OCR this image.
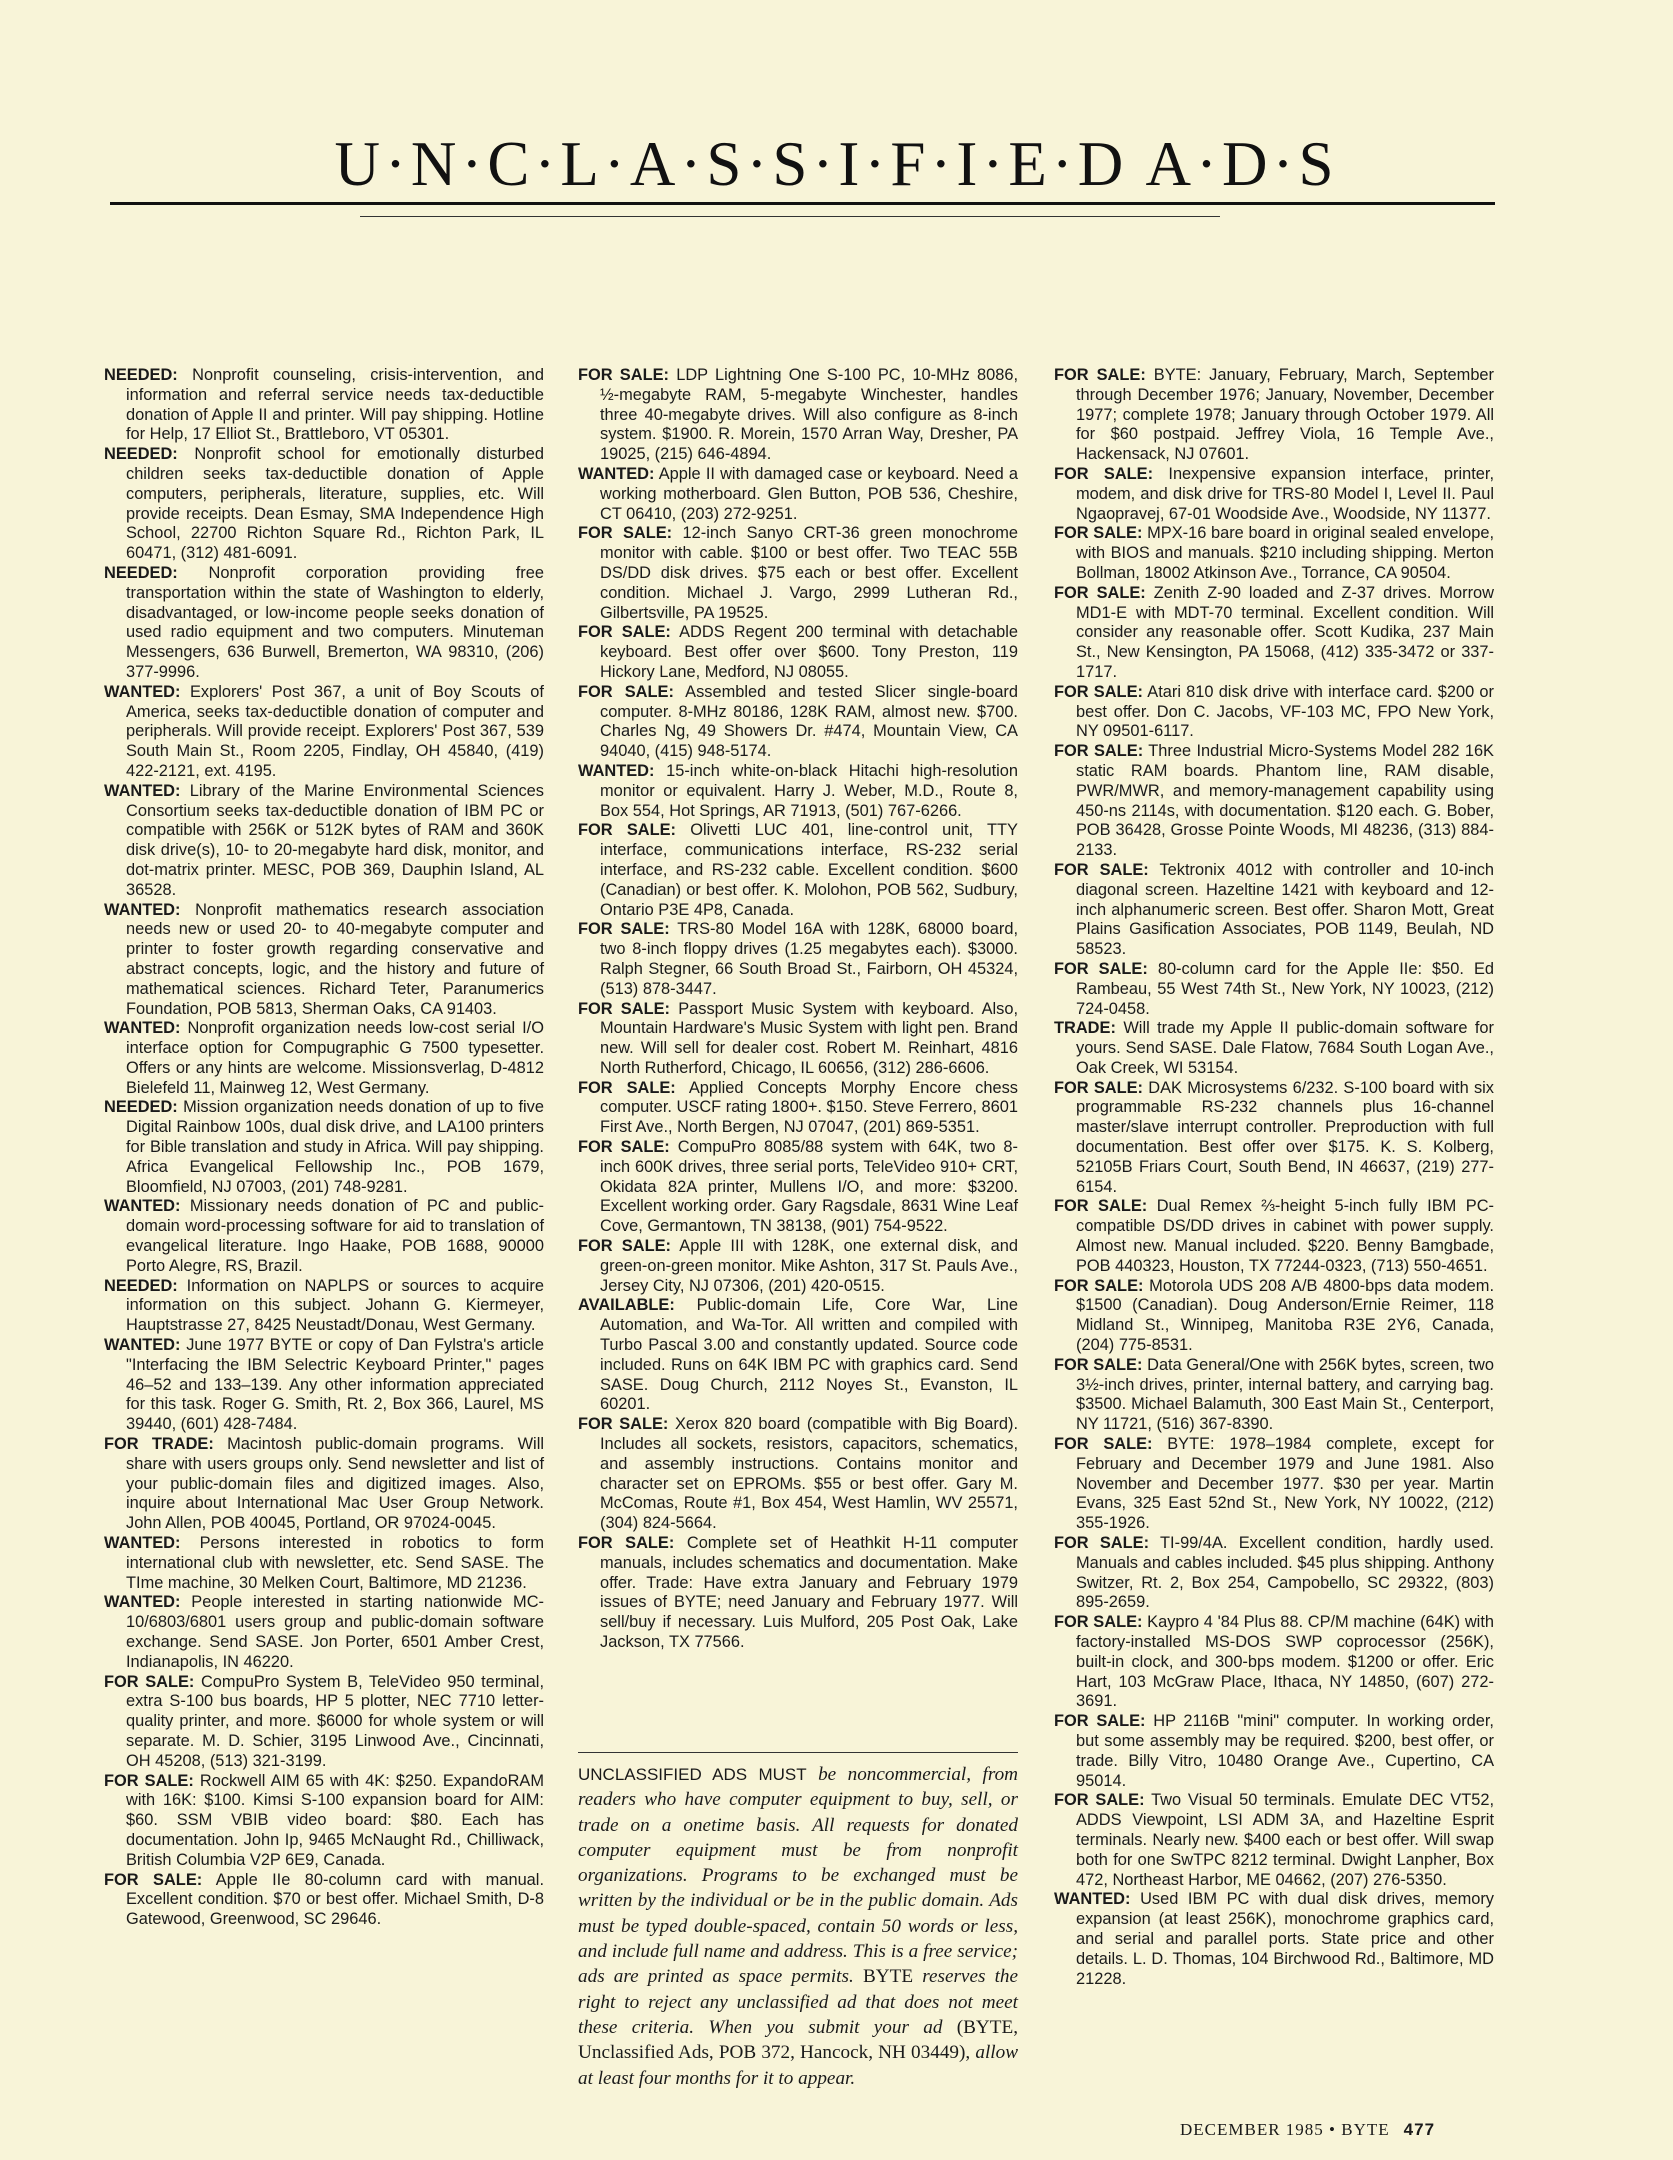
U·N·C·L·A·S·S·I·F·I·E·D A·D·S
NEEDED: Nonprofit counseling, crisis-intervention, and information and referral service needs tax-deductible donation of Apple II and printer. Will pay shipping. Hotline for Help, 17 Elliot St., Brattleboro, VT 05301.
NEEDED: Nonprofit school for emotionally disturbed children seeks tax-deductible donation of Apple computers, peripherals, literature, supplies, etc. Will provide receipts. Dean Esmay, SMA Independence High School, 22700 Richton Square Rd., Richton Park, IL 60471, (312) 481-6091.
NEEDED: Nonprofit corporation providing free transportation within the state of Washington to elderly, disadvantaged, or low-income people seeks donation of used radio equipment and two computers. Minuteman Messengers, 636 Burwell, Bremerton, WA 98310, (206) 377-9996.
WANTED: Explorers' Post 367, a unit of Boy Scouts of America, seeks tax-deductible donation of computer and peripherals. Will provide receipt. Explorers' Post 367, 539 South Main St., Room 2205, Findlay, OH 45840, (419) 422-2121, ext. 4195.
WANTED: Library of the Marine Environmental Sciences Consortium seeks tax-deductible donation of IBM PC or compatible with 256K or 512K bytes of RAM and 360K disk drive(s), 10- to 20-megabyte hard disk, monitor, and dot-matrix printer. MESC, POB 369, Dauphin Island, AL 36528.
WANTED: Nonprofit mathematics research association needs new or used 20- to 40-megabyte computer and printer to foster growth regarding conservative and abstract concepts, logic, and the history and future of mathematical sciences. Richard Teter, Paranumerics Foundation, POB 5813, Sherman Oaks, CA 91403.
WANTED: Nonprofit organization needs low-cost serial I/O interface option for Compugraphic G 7500 typesetter. Offers or any hints are welcome. Missionsverlag, D-4812 Bielefeld 11, Mainweg 12, West Germany.
NEEDED: Mission organization needs donation of up to five Digital Rainbow 100s, dual disk drive, and LA100 printers for Bible translation and study in Africa. Will pay shipping. Africa Evangelical Fellowship Inc., POB 1679, Bloomfield, NJ 07003, (201) 748-9281.
WANTED: Missionary needs donation of PC and public-domain word-processing software for aid to translation of evangelical literature. Ingo Haake, POB 1688, 90000 Porto Alegre, RS, Brazil.
NEEDED: Information on NAPLPS or sources to acquire information on this subject. Johann G. Kiermeyer, Hauptstrasse 27, 8425 Neustadt/Donau, West Germany.
WANTED: June 1977 BYTE or copy of Dan Fylstra's article "Interfacing the IBM Selectric Keyboard Printer," pages 46–52 and 133–139. Any other information appreciated for this task. Roger G. Smith, Rt. 2, Box 366, Laurel, MS 39440, (601) 428-7484.
FOR TRADE: Macintosh public-domain programs. Will share with users groups only. Send newsletter and list of your public-domain files and digitized images. Also, inquire about International Mac User Group Network. John Allen, POB 40045, Portland, OR 97024-0045.
WANTED: Persons interested in robotics to form international club with newsletter, etc. Send SASE. The TIme machine, 30 Melken Court, Baltimore, MD 21236.
WANTED: People interested in starting nationwide MC-10/6803/6801 users group and public-domain software exchange. Send SASE. Jon Porter, 6501 Amber Crest, Indianapolis, IN 46220.
FOR SALE: CompuPro System B, TeleVideo 950 terminal, extra S-100 bus boards, HP 5 plotter, NEC 7710 letter-quality printer, and more. $6000 for whole system or will separate. M. D. Schier, 3195 Linwood Ave., Cincinnati, OH 45208, (513) 321-3199.
FOR SALE: Rockwell AIM 65 with 4K: $250. ExpandoRAM with 16K: $100. Kimsi S-100 expansion board for AIM: $60. SSM VBIB video board: $80. Each has documentation. John Ip, 9465 McNaught Rd., Chilliwack, British Columbia V2P 6E9, Canada.
FOR SALE: Apple IIe 80-column card with manual. Excellent condition. $70 or best offer. Michael Smith, D-8 Gatewood, Greenwood, SC 29646.
FOR SALE: LDP Lightning One S-100 PC, 10-MHz 8086, ½-megabyte RAM, 5-megabyte Winchester, handles three 40-megabyte drives. Will also configure as 8-inch system. $1900. R. Morein, 1570 Arran Way, Dresher, PA 19025, (215) 646-4894.
WANTED: Apple II with damaged case or keyboard. Need a working motherboard. Glen Button, POB 536, Cheshire, CT 06410, (203) 272-9251.
FOR SALE: 12-inch Sanyo CRT-36 green monochrome monitor with cable. $100 or best offer. Two TEAC 55B DS/DD disk drives. $75 each or best offer. Excellent condition. Michael J. Vargo, 2999 Lutheran Rd., Gilbertsville, PA 19525.
FOR SALE: ADDS Regent 200 terminal with detachable keyboard. Best offer over $600. Tony Preston, 119 Hickory Lane, Medford, NJ 08055.
FOR SALE: Assembled and tested Slicer single-board computer. 8-MHz 80186, 128K RAM, almost new. $700. Charles Ng, 49 Showers Dr. #474, Mountain View, CA 94040, (415) 948-5174.
WANTED: 15-inch white-on-black Hitachi high-resolution monitor or equivalent. Harry J. Weber, M.D., Route 8, Box 554, Hot Springs, AR 71913, (501) 767-6266.
FOR SALE: Olivetti LUC 401, line-control unit, TTY interface, communications interface, RS-232 serial interface, and RS-232 cable. Excellent condition. $600 (Canadian) or best offer. K. Molohon, POB 562, Sudbury, Ontario P3E 4P8, Canada.
FOR SALE: TRS-80 Model 16A with 128K, 68000 board, two 8-inch floppy drives (1.25 megabytes each). $3000. Ralph Stegner, 66 South Broad St., Fairborn, OH 45324, (513) 878-3447.
FOR SALE: Passport Music System with keyboard. Also, Mountain Hardware's Music System with light pen. Brand new. Will sell for dealer cost. Robert M. Reinhart, 4816 North Rutherford, Chicago, IL 60656, (312) 286-6606.
FOR SALE: Applied Concepts Morphy Encore chess computer. USCF rating 1800+. $150. Steve Ferrero, 8601 First Ave., North Bergen, NJ 07047, (201) 869-5351.
FOR SALE: CompuPro 8085/88 system with 64K, two 8-inch 600K drives, three serial ports, TeleVideo 910+ CRT, Okidata 82A printer, Mullens I/O, and more: $3200. Excellent working order. Gary Ragsdale, 8631 Wine Leaf Cove, Germantown, TN 38138, (901) 754-9522.
FOR SALE: Apple III with 128K, one external disk, and green-on-green monitor. Mike Ashton, 317 St. Pauls Ave., Jersey City, NJ 07306, (201) 420-0515.
AVAILABLE: Public-domain Life, Core War, Line Automation, and Wa-Tor. All written and compiled with Turbo Pascal 3.00 and constantly updated. Source code included. Runs on 64K IBM PC with graphics card. Send SASE. Doug Church, 2112 Noyes St., Evanston, IL 60201.
FOR SALE: Xerox 820 board (compatible with Big Board). Includes all sockets, resistors, capacitors, schematics, and assembly instructions. Contains monitor and character set on EPROMs. $55 or best offer. Gary M. McComas, Route #1, Box 454, West Hamlin, WV 25571, (304) 824-5664.
FOR SALE: Complete set of Heathkit H-11 computer manuals, includes schematics and documentation. Make offer. Trade: Have extra January and February 1979 issues of BYTE; need January and February 1977. Will sell/buy if necessary. Luis Mulford, 205 Post Oak, Lake Jackson, TX 77566.
FOR SALE: BYTE: January, February, March, September through December 1976; January, November, December 1977; complete 1978; January through October 1979. All for $60 postpaid. Jeffrey Viola, 16 Temple Ave., Hackensack, NJ 07601.
FOR SALE: Inexpensive expansion interface, printer, modem, and disk drive for TRS-80 Model I, Level II. Paul Ngaopravej, 67-01 Woodside Ave., Woodside, NY 11377.
FOR SALE: MPX-16 bare board in original sealed envelope, with BIOS and manuals. $210 including shipping. Merton Bollman, 18002 Atkinson Ave., Torrance, CA 90504.
FOR SALE: Zenith Z-90 loaded and Z-37 drives. Morrow MD1-E with MDT-70 terminal. Excellent condition. Will consider any reasonable offer. Scott Kudika, 237 Main St., New Kensington, PA 15068, (412) 335-3472 or 337-1717.
FOR SALE: Atari 810 disk drive with interface card. $200 or best offer. Don C. Jacobs, VF-103 MC, FPO New York, NY 09501-6117.
FOR SALE: Three Industrial Micro-Systems Model 282 16K static RAM boards. Phantom line, RAM disable, PWR/MWR, and memory-management capability using 450-ns 2114s, with documentation. $120 each. G. Bober, POB 36428, Grosse Pointe Woods, MI 48236, (313) 884-2133.
FOR SALE: Tektronix 4012 with controller and 10-inch diagonal screen. Hazeltine 1421 with keyboard and 12-inch alphanumeric screen. Best offer. Sharon Mott, Great Plains Gasification Associates, POB 1149, Beulah, ND 58523.
FOR SALE: 80-column card for the Apple IIe: $50. Ed Rambeau, 55 West 74th St., New York, NY 10023, (212) 724-0458.
TRADE: Will trade my Apple II public-domain software for yours. Send SASE. Dale Flatow, 7684 South Logan Ave., Oak Creek, WI 53154.
FOR SALE: DAK Microsystems 6/232. S-100 board with six programmable RS-232 channels plus 16-channel master/slave interrupt controller. Preproduction with full documentation. Best offer over $175. K. S. Kolberg, 52105B Friars Court, South Bend, IN 46637, (219) 277-6154.
FOR SALE: Dual Remex ⅔-height 5-inch fully IBM PC-compatible DS/DD drives in cabinet with power supply. Almost new. Manual included. $220. Benny Bamgbade, POB 440323, Houston, TX 77244-0323, (713) 550-4651.
FOR SALE: Motorola UDS 208 A/B 4800-bps data modem. $1500 (Canadian). Doug Anderson/Ernie Reimer, 118 Midland St., Winnipeg, Manitoba R3E 2Y6, Canada, (204) 775-8531.
FOR SALE: Data General/One with 256K bytes, screen, two 3½-inch drives, printer, internal battery, and carrying bag. $3500. Michael Balamuth, 300 East Main St., Centerport, NY 11721, (516) 367-8390.
FOR SALE: BYTE: 1978–1984 complete, except for February and December 1979 and June 1981. Also November and December 1977. $30 per year. Martin Evans, 325 East 52nd St., New York, NY 10022, (212) 355-1926.
FOR SALE: TI-99/4A. Excellent condition, hardly used. Manuals and cables included. $45 plus shipping. Anthony Switzer, Rt. 2, Box 254, Campobello, SC 29322, (803) 895-2659.
FOR SALE: Kaypro 4 '84 Plus 88. CP/M machine (64K) with factory-installed MS-DOS SWP coprocessor (256K), built-in clock, and 300-bps modem. $1200 or offer. Eric Hart, 103 McGraw Place, Ithaca, NY 14850, (607) 272-3691.
FOR SALE: HP 2116B "mini" computer. In working order, but some assembly may be required. $200, best offer, or trade. Billy Vitro, 10480 Orange Ave., Cupertino, CA 95014.
FOR SALE: Two Visual 50 terminals. Emulate DEC VT52, ADDS Viewpoint, LSI ADM 3A, and Hazeltine Esprit terminals. Nearly new. $400 each or best offer. Will swap both for one SwTPC 8212 terminal. Dwight Lanpher, Box 472, Northeast Harbor, ME 04662, (207) 276-5350.
WANTED: Used IBM PC with dual disk drives, memory expansion (at least 256K), monochrome graphics card, and serial and parallel ports. State price and other details. L. D. Thomas, 104 Birchwood Rd., Baltimore, MD 21228.
UNCLASSIFIED ADS MUST be noncommercial, from readers who have computer equipment to buy, sell, or trade on a onetime basis. All requests for donated computer equipment must be from nonprofit organizations. Programs to be exchanged must be written by the individual or be in the public domain. Ads must be typed double-spaced, contain 50 words or less, and include full name and address. This is a free service; ads are printed as space permits. BYTE reserves the right to reject any unclassified ad that does not meet these criteria. When you submit your ad (BYTE, Unclassified Ads, POB 372, Hancock, NH 03449), allow at least four months for it to appear.
DECEMBER 1985 • BYTE 477
